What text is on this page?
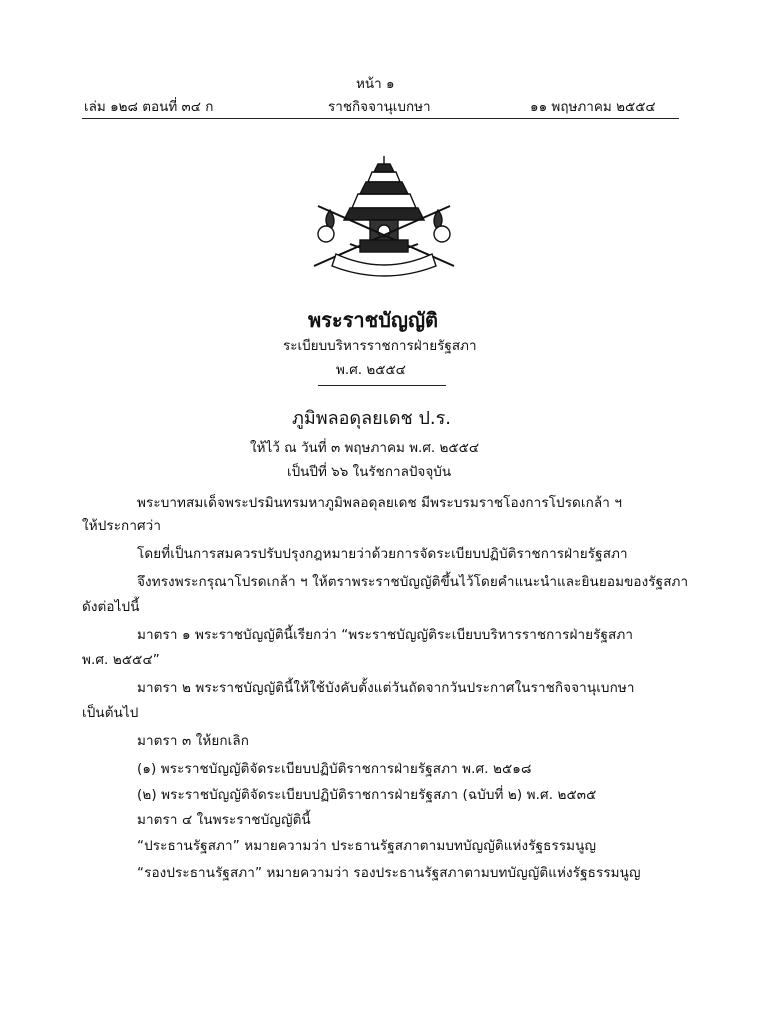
หน้า ๑
เล่ม ๑๒๘ ตอนที่ ๓๔ ก	ราชกิจจานุเบกษา	๑๑ พฤษภาคม ๒๕๕๔
พระราชบัญญัติ
ระเบียบบริหารราชการฝ่ายรัฐสภา
พ.ศ. ๒๕๕๔
ภูมิพลอดุลยเดช ป.ร.
ให้ไว้ ณ วันที่ ๓ พฤษภาคม พ.ศ. ๒๕๕๔
เป็นปีที่ ๖๖ ในรัชกาลปัจจุบัน
พระบาทสมเด็จพระปรมินทรมหาภูมิพลอดุลยเดช มีพระบรมราชโองการโปรดเกล้า ฯ
ให้ประกาศว่า
โดยที่เป็นการสมควรปรับปรุงกฎหมายว่าด้วยการจัดระเบียบปฏิบัติราชการฝ่ายรัฐสภา
จึงทรงพระกรุณาโปรดเกล้า ฯ ให้ตราพระราชบัญญัติขึ้นไว้โดยคำแนะนำและยินยอมของรัฐสภา
ดังต่อไปนี้
มาตรา ๑ พระราชบัญญัตินี้เรียกว่า “พระราชบัญญัติระเบียบบริหารราชการฝ่ายรัฐสภา
พ.ศ. ๒๕๕๔”
มาตรา ๒ พระราชบัญญัตินี้ให้ใช้บังคับตั้งแต่วันถัดจากวันประกาศในราชกิจจานุเบกษา
เป็นต้นไป
มาตรา ๓ ให้ยกเลิก
(๑) พระราชบัญญัติจัดระเบียบปฏิบัติราชการฝ่ายรัฐสภา พ.ศ. ๒๕๑๘
(๒) พระราชบัญญัติจัดระเบียบปฏิบัติราชการฝ่ายรัฐสภา (ฉบับที่ ๒) พ.ศ. ๒๕๓๕
มาตรา ๔ ในพระราชบัญญัตินี้
“ประธานรัฐสภา” หมายความว่า ประธานรัฐสภาตามบทบัญญัติแห่งรัฐธรรมนูญ
“รองประธานรัฐสภา” หมายความว่า รองประธานรัฐสภาตามบทบัญญัติแห่งรัฐธรรมนูญ
